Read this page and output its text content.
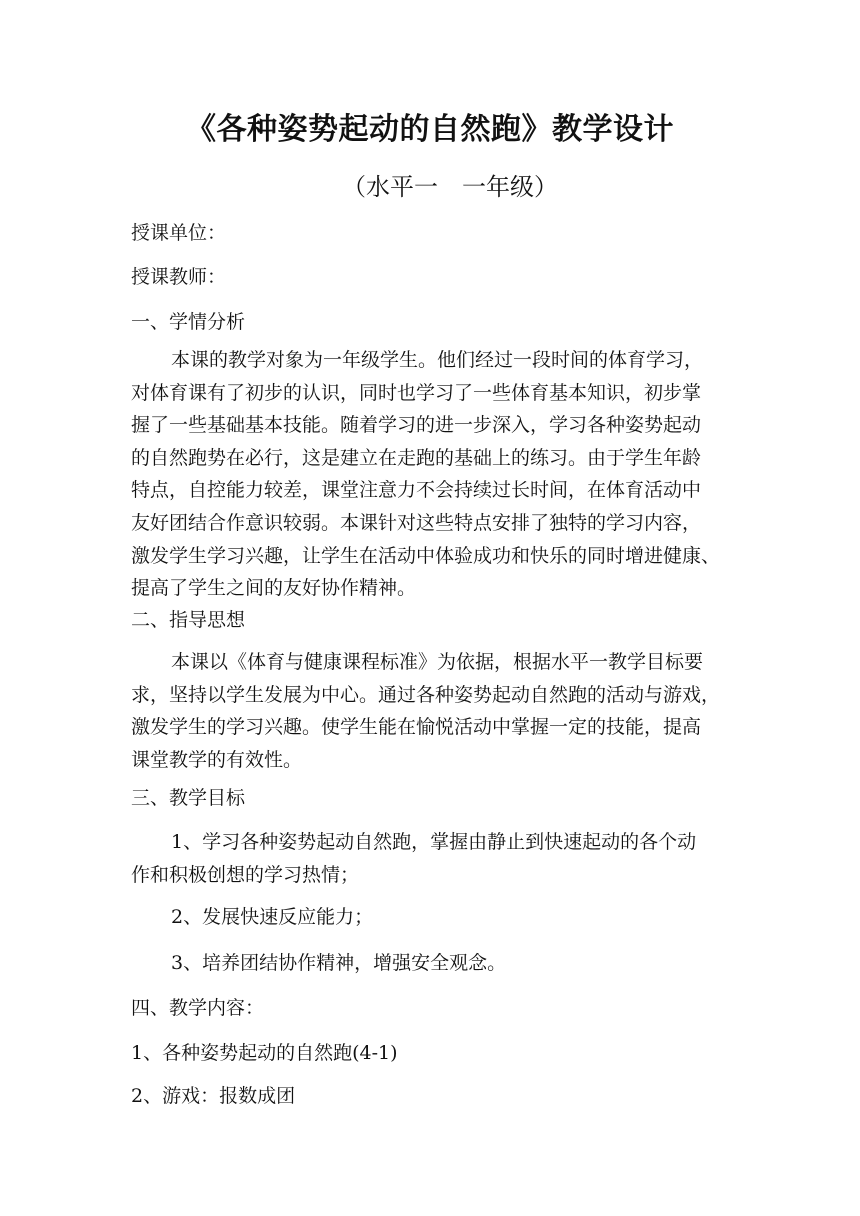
《各种姿势起动的自然跑》教学设计
（水平一　一年级）
授课单位：
授课教师：
一、学情分析
本课的教学对象为一年级学生。他们经过一段时间的体育学习，
对体育课有了初步的认识，同时也学习了一些体育基本知识，初步掌
握了一些基础基本技能。随着学习的进一步深入，学习各种姿势起动
的自然跑势在必行，这是建立在走跑的基础上的练习。由于学生年龄
特点，自控能力较差，课堂注意力不会持续过长时间，在体育活动中
友好团结合作意识较弱。本课针对这些特点安排了独特的学习内容，
激发学生学习兴趣，让学生在活动中体验成功和快乐的同时增进健康、
提高了学生之间的友好协作精神。
二、指导思想
本课以《体育与健康课程标准》为依据，根据水平一教学目标要
求，坚持以学生发展为中心。通过各种姿势起动自然跑的活动与游戏，
激发学生的学习兴趣。使学生能在愉悦活动中掌握一定的技能，提高
课堂教学的有效性。
三、教学目标
1、学习各种姿势起动自然跑，掌握由静止到快速起动的各个动
作和积极创想的学习热情；
2、发展快速反应能力；
3、培养团结协作精神，增强安全观念。
四、教学内容：
1、各种姿势起动的自然跑(4-1)
2、游戏：报数成团
